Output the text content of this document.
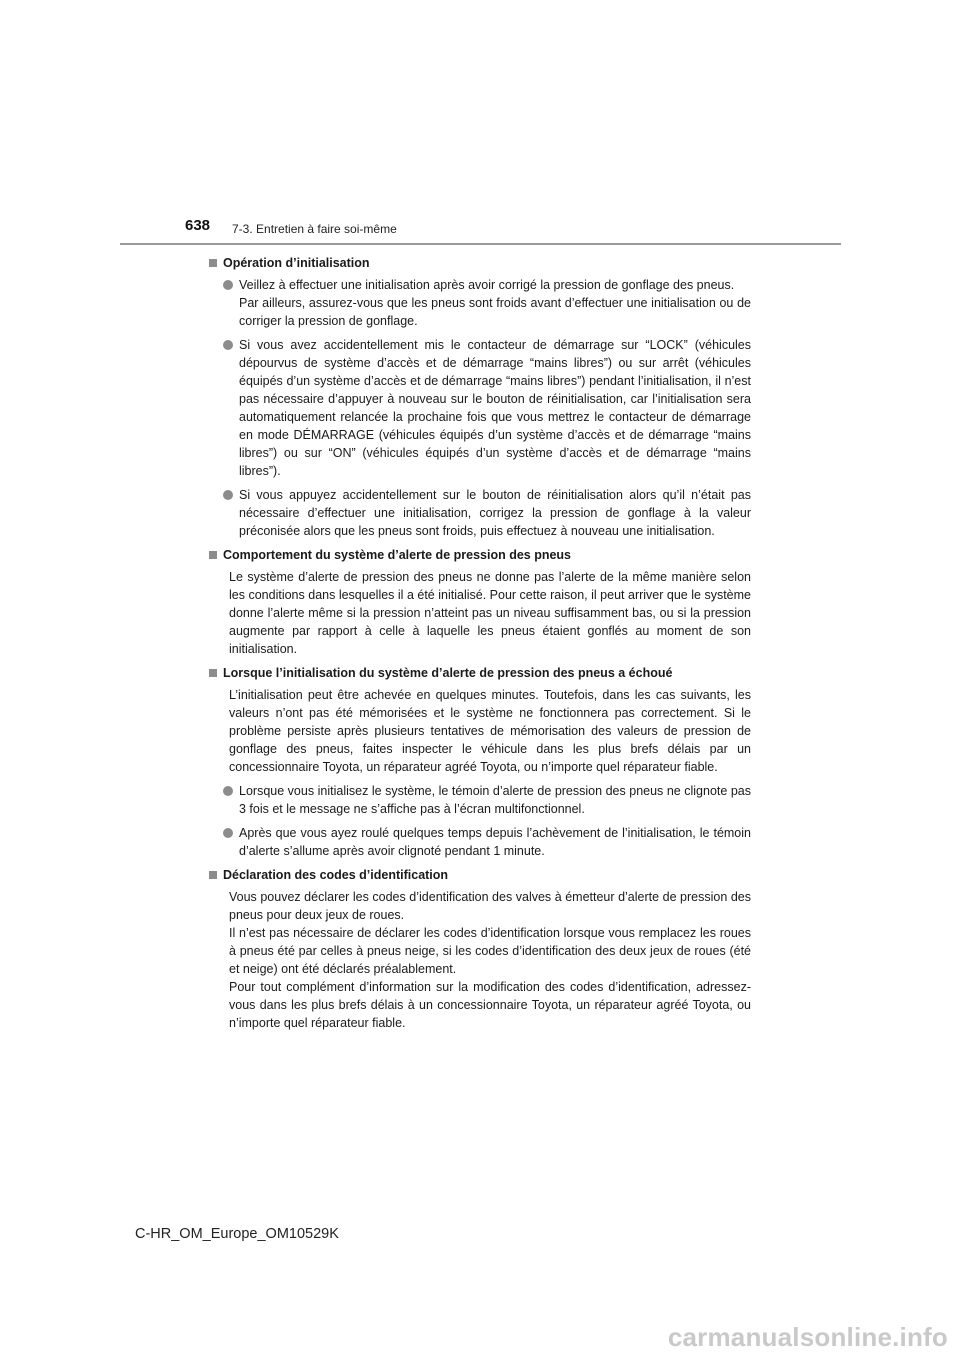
638 7-3. Entretien à faire soi-même
Opération d’initialisation

Veillez à effectuer une initialisation après avoir corrigé la pression de gonflage des pneus.

Par ailleurs, assurez-vous que les pneus sont froids avant d’effectuer une initialisation ou de corriger la pression de gonflage.

Si vous avez accidentellement mis le contacteur de démarrage sur “LOCK” (véhicules dépourvus de système d’accès et de démarrage “mains libres”) ou sur arrêt (véhicules équipés d’un système d’accès et de démarrage “mains libres”) pendant l’initialisation, il n’est pas nécessaire d’appuyer à nouveau sur le bouton de réinitialisation, car l’initialisation sera automatiquement relancée la prochaine fois que vous mettrez le contacteur de démarrage en mode DÉMARRAGE (véhicules équipés d’un système d’accès et de démarrage “mains libres”) ou sur “ON” (véhicules équipés d’un système d’accès et de démarrage “mains libres”).

Si vous appuyez accidentellement sur le bouton de réinitialisation alors qu’il n’était pas nécessaire d’effectuer une initialisation, corrigez la pression de gonflage à la valeur préconisée alors que les pneus sont froids, puis effectuez à nouveau une initialisation.

Comportement du système d’alerte de pression des pneus

Le système d’alerte de pression des pneus ne donne pas l’alerte de la même manière selon les conditions dans lesquelles il a été initialisé. Pour cette raison, il peut arriver que le système donne l’alerte même si la pression n’atteint pas un niveau suffisamment bas, ou si la pression augmente par rapport à celle à laquelle les pneus étaient gonflés au moment de son initialisation.

Lorsque l’initialisation du système d’alerte de pression des pneus a échoué

L’initialisation peut être achevée en quelques minutes. Toutefois, dans les cas suivants, les valeurs n’ont pas été mémorisées et le système ne fonctionnera pas correctement. Si le problème persiste après plusieurs tentatives de mémorisation des valeurs de pression de gonflage des pneus, faites inspecter le véhicule dans les plus brefs délais par un concessionnaire Toyota, un réparateur agréé Toyota, ou n’importe quel réparateur fiable.

Lorsque vous initialisez le système, le témoin d’alerte de pression des pneus ne clignote pas 3 fois et le message ne s’affiche pas à l’écran multifonctionnel.

Après que vous ayez roulé quelques temps depuis l’achèvement de l’initialisation, le témoin d’alerte s’allume après avoir clignoté pendant 1 minute.

Déclaration des codes d’identification

Vous pouvez déclarer les codes d’identification des valves à émetteur d’alerte de pression des pneus pour deux jeux de roues.

Il n’est pas nécessaire de déclarer les codes d’identification lorsque vous remplacez les roues à pneus été par celles à pneus neige, si les codes d’identification des deux jeux de roues (été et neige) ont été déclarés préalablement.

Pour tout complément d’information sur la modification des codes d’identification, adressez-vous dans les plus brefs délais à un concessionnaire Toyota, un réparateur agréé Toyota, ou n’importe quel réparateur fiable.

C-HR_OM_Europe_OM10529K
carmanualsonline.info
